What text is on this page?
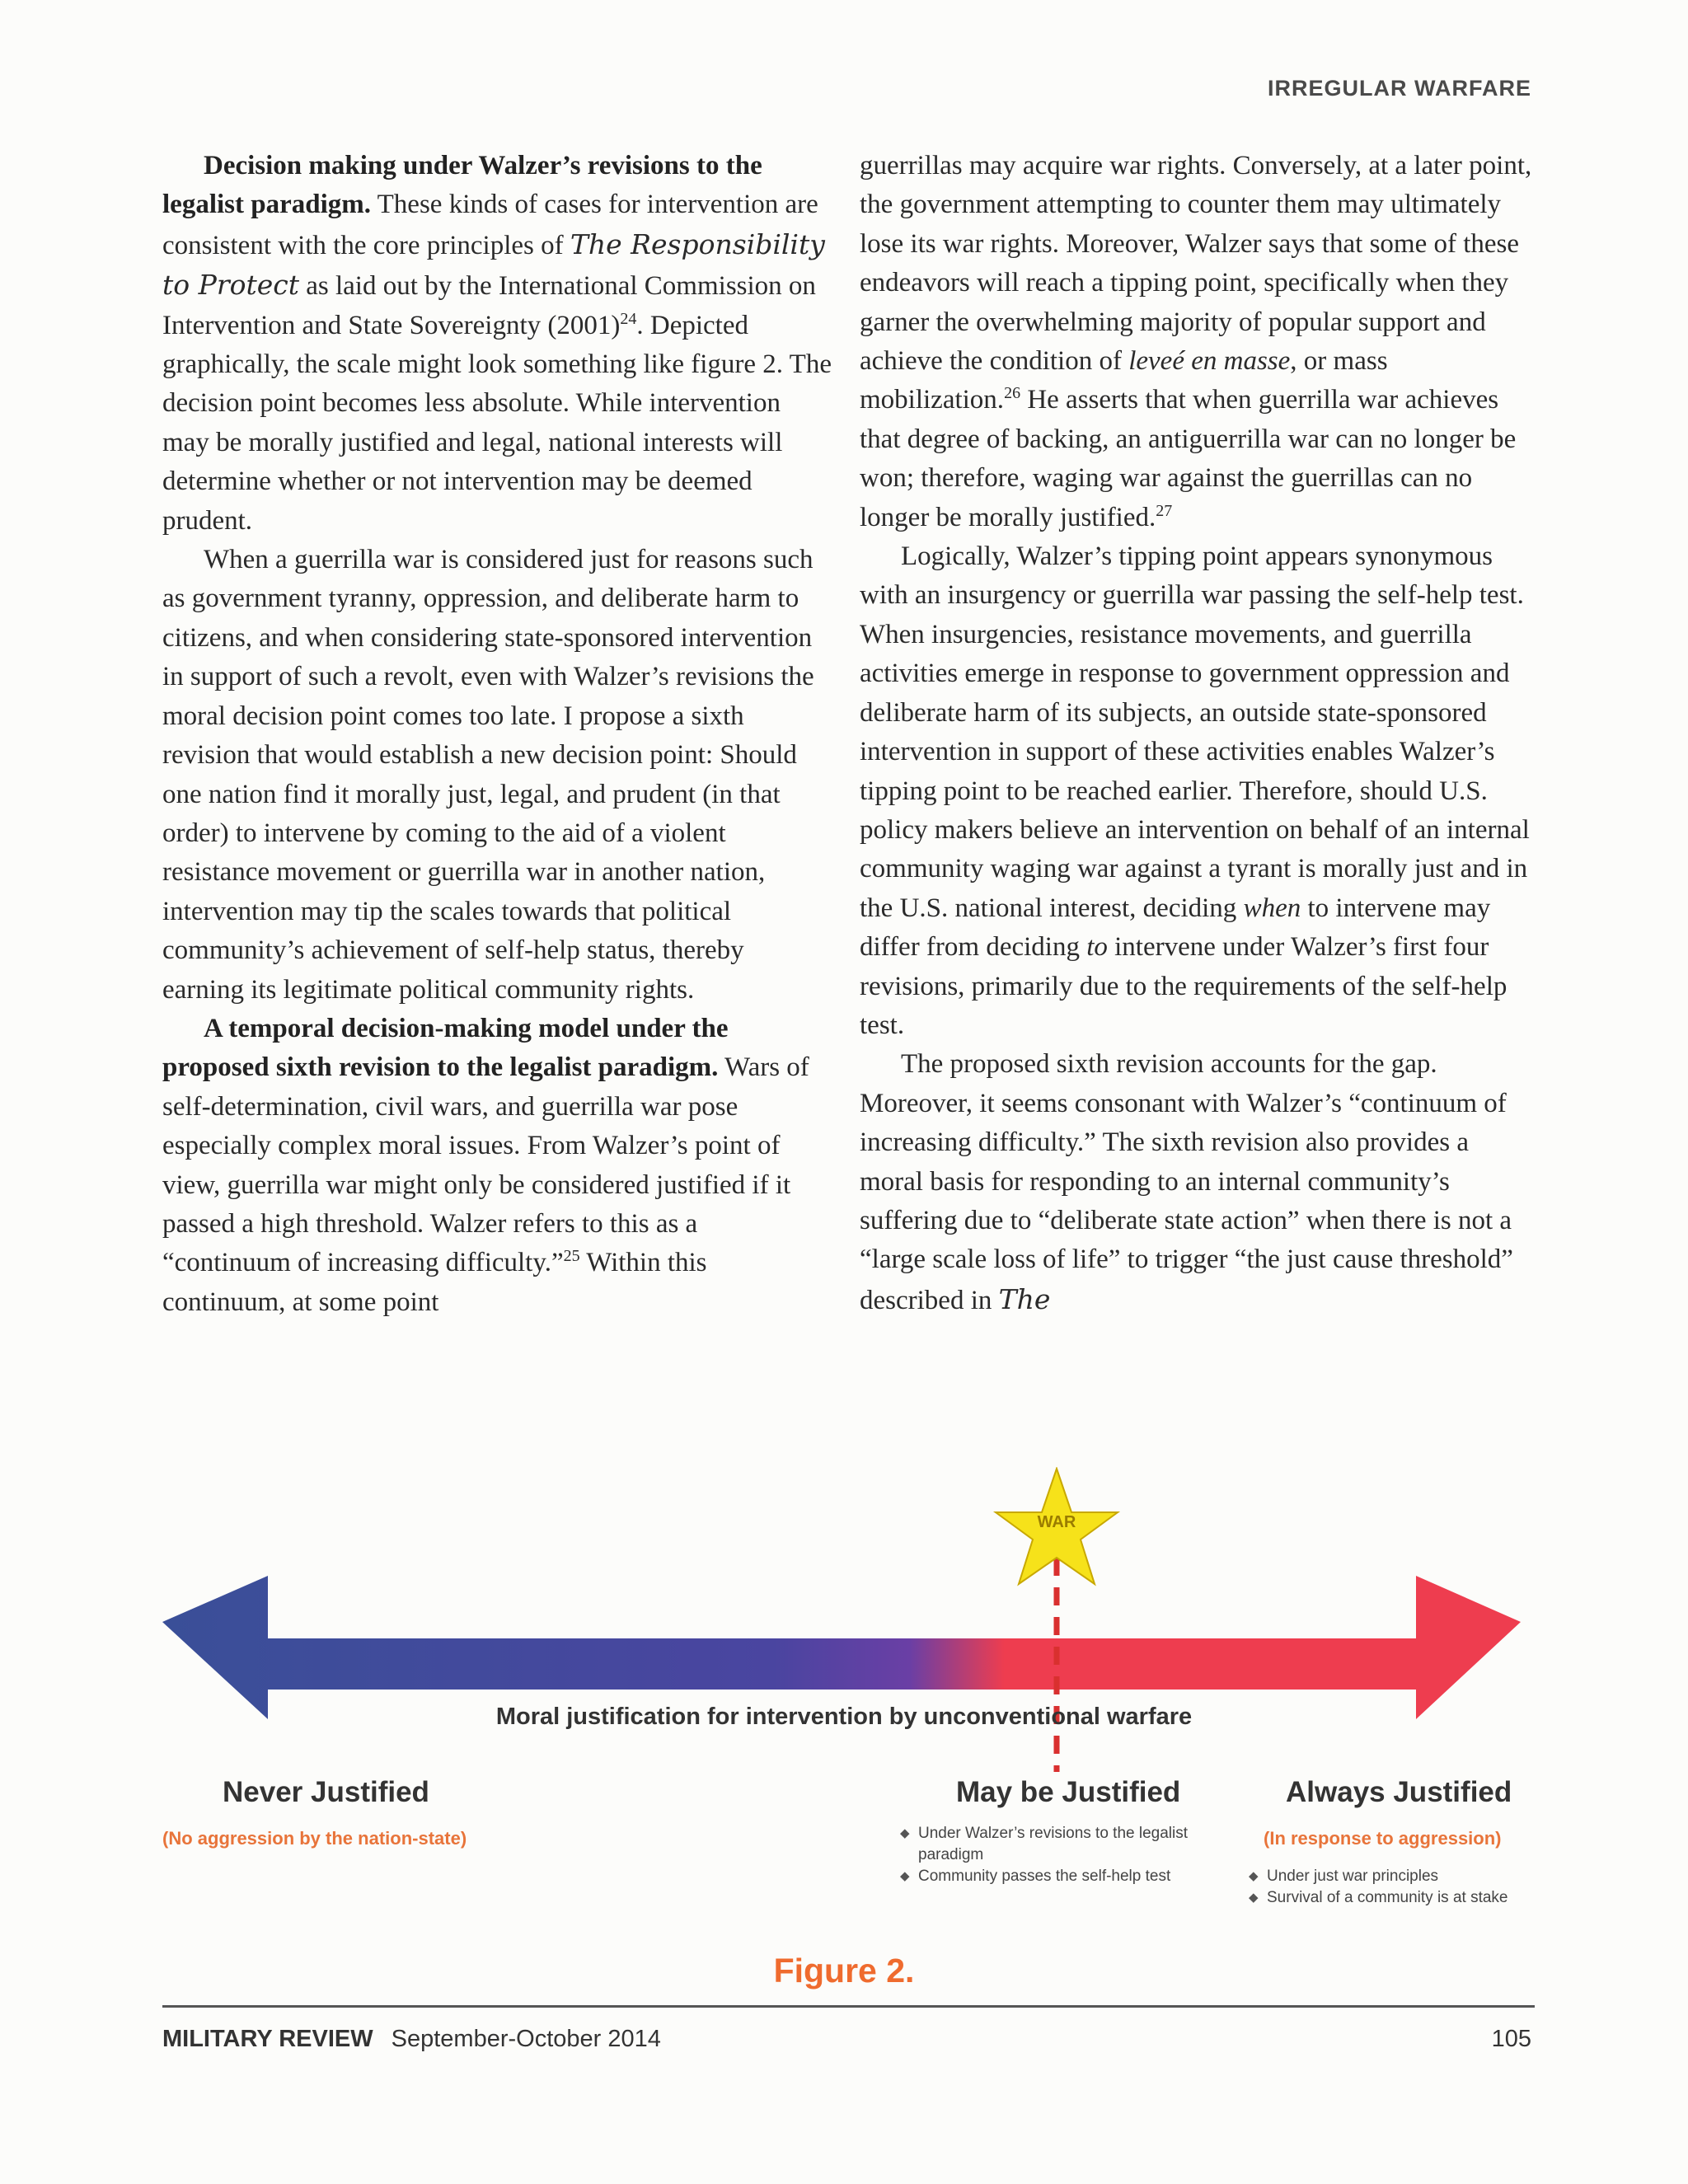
IRREGULAR WARFARE

Decision making under Walzer’s revisions to the legalist paradigm. These kinds of cases for intervention are consistent with the core principles of The Responsibility to Protect as laid out by the International Commission on Intervention and State Sovereignty $(2001)^{24}$. Depicted graphically, the scale might look something like figure 2. The decision point becomes less absolute. While intervention may be morally justified and legal, national interests will determine whether or not intervention may be deemed prudent.

When a guerrilla war is considered just for reasons such as government tyranny, oppression, and deliberate harm to citizens, and when considering state-sponsored intervention in support of such a revolt, even with Walzer’s revisions the moral decision point comes too late. I propose a sixth revision that would establish a new decision point: Should one nation find it morally just, legal, and prudent (in that order) to intervene by coming to the aid of a violent resistance movement or guerrilla war in another nation, intervention may tip the scales towards that political community’s achievement of self-help status, thereby earning its legitimate political community rights.

A temporal decision-making model under the proposed sixth revision to the legalist paradigm. Wars of self-determination, civil wars, and guerrilla war pose especially complex moral issues. From Walzer’s point of view, guerrilla war might only be considered justified if it passed a high threshold. Walzer refers to this as a “continuum of increasing difficulty.”$^{25}$ Within this continuum, at some point

guerrillas may acquire war rights. Conversely, at a later point, the government attempting to counter them may ultimately lose its war rights. Moreover, Walzer says that some of these endeavors will reach a tipping point, specifically when they garner the overwhelming majority of popular support and achieve the condition of leveé en masse, or mass mobilization.$^{26}$ He asserts that when guerrilla war achieves that degree of backing, an antiguerrilla war can no longer be won; therefore, waging war against the guerrillas can no longer be morally justified.$^{27}$

Logically, Walzer’s tipping point appears synonymous with an insurgency or guerrilla war passing the self-help test. When insurgencies, resistance movements, and guerrilla activities emerge in response to government oppression and deliberate harm of its subjects, an outside state-sponsored intervention in support of these activities enables Walzer’s tipping point to be reached earlier. Therefore, should U.S. policy makers believe an intervention on behalf of an internal community waging war against a tyrant is morally just and in the U.S. national interest, deciding when to intervene may differ from deciding to intervene under Walzer’s first four revisions, primarily due to the requirements of the self-help test.

The proposed sixth revision accounts for the gap. Moreover, it seems consonant with Walzer’s “continuum of increasing difficulty.” The sixth revision also provides a moral basis for responding to an internal community’s suffering due to “deliberate state action” when there is not a “large scale loss of life” to trigger “the just cause threshold” described in The

WAR
Moral justification for intervention by unconventional warfare
Never Justified
(No aggression by the nation-state)
May be Justified
◆ Under Walzer’s revisions to the legalist paradigm
◆ Community passes the self-help test
Always Justified
(In response to aggression)
◆ Under just war principles
◆ Survival of a community is at stake
Figure 2.
MILITARY REVIEW September-October 2014	105
